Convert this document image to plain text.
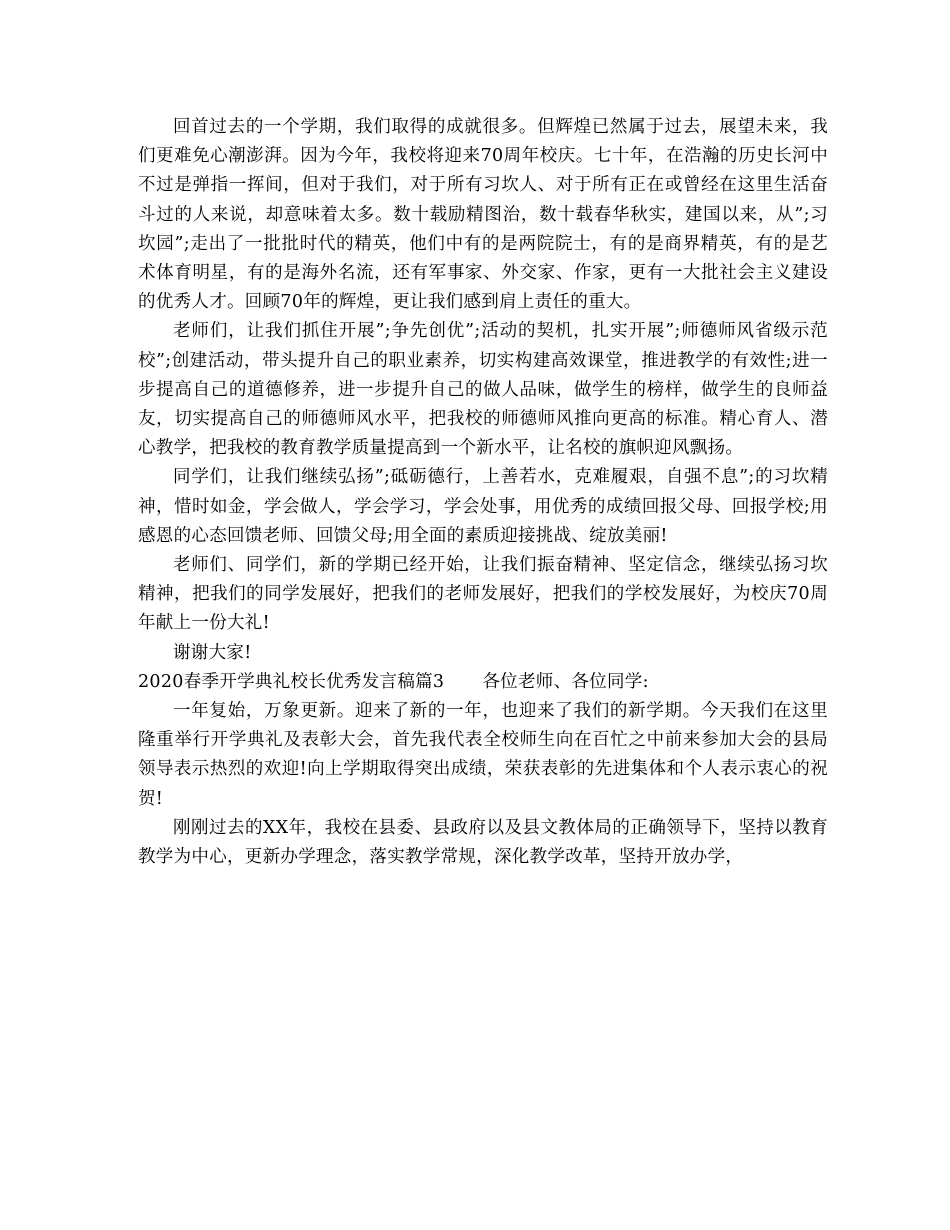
回首过去的一个学期，我们取得的成就很多。但辉煌已然属于过去，展望未来，我们更难免心潮澎湃。因为今年，我校将迎来70周年校庆。七十年，在浩瀚的历史长河中不过是弹指一挥间，但对于我们，对于所有习坎人、对于所有正在或曾经在这里生活奋斗过的人来说，却意味着太多。数十载励精图治，数十载春华秋实，建国以来，从”;习坎园”;走出了一批批时代的精英，他们中有的是两院院士，有的是商界精英，有的是艺术体育明星，有的是海外名流，还有军事家、外交家、作家，更有一大批社会主义建设的优秀人才。回顾70年的辉煌，更让我们感到肩上责任的重大。

老师们，让我们抓住开展”;争先创优”;活动的契机，扎实开展”;师德师风省级示范校”;创建活动，带头提升自己的职业素养，切实构建高效课堂，推进教学的有效性;进一步提高自己的道德修养，进一步提升自己的做人品味，做学生的榜样，做学生的良师益友，切实提高自己的师德师风水平，把我校的师德师风推向更高的标准。精心育人、潜心教学，把我校的教育教学质量提高到一个新水平，让名校的旗帜迎风飘扬。

同学们，让我们继续弘扬”;砥砺德行，上善若水，克难履艰，自强不息”;的习坎精神，惜时如金，学会做人，学会学习，学会处事，用优秀的成绩回报父母、回报学校;用感恩的心态回馈老师、回馈父母;用全面的素质迎接挑战、绽放美丽!

老师们、同学们，新的学期已经开始，让我们振奋精神、坚定信念，继续弘扬习坎精神，把我们的同学发展好，把我们的老师发展好，把我们的学校发展好，为校庆70周年献上一份大礼!

谢谢大家!

2020春季开学典礼校长优秀发言稿篇3 各位老师、各位同学:

一年复始，万象更新。迎来了新的一年，也迎来了我们的新学期。今天我们在这里隆重举行开学典礼及表彰大会，首先我代表全校师生向在百忙之中前来参加大会的县局领导表示热烈的欢迎!向上学期取得突出成绩，荣获表彰的先进集体和个人表示衷心的祝贺!

刚刚过去的XX年，我校在县委、县政府以及县文教体局的正确领导下，坚持以教育教学为中心，更新办学理念，落实教学常规，深化教学改革，坚持开放办学，
